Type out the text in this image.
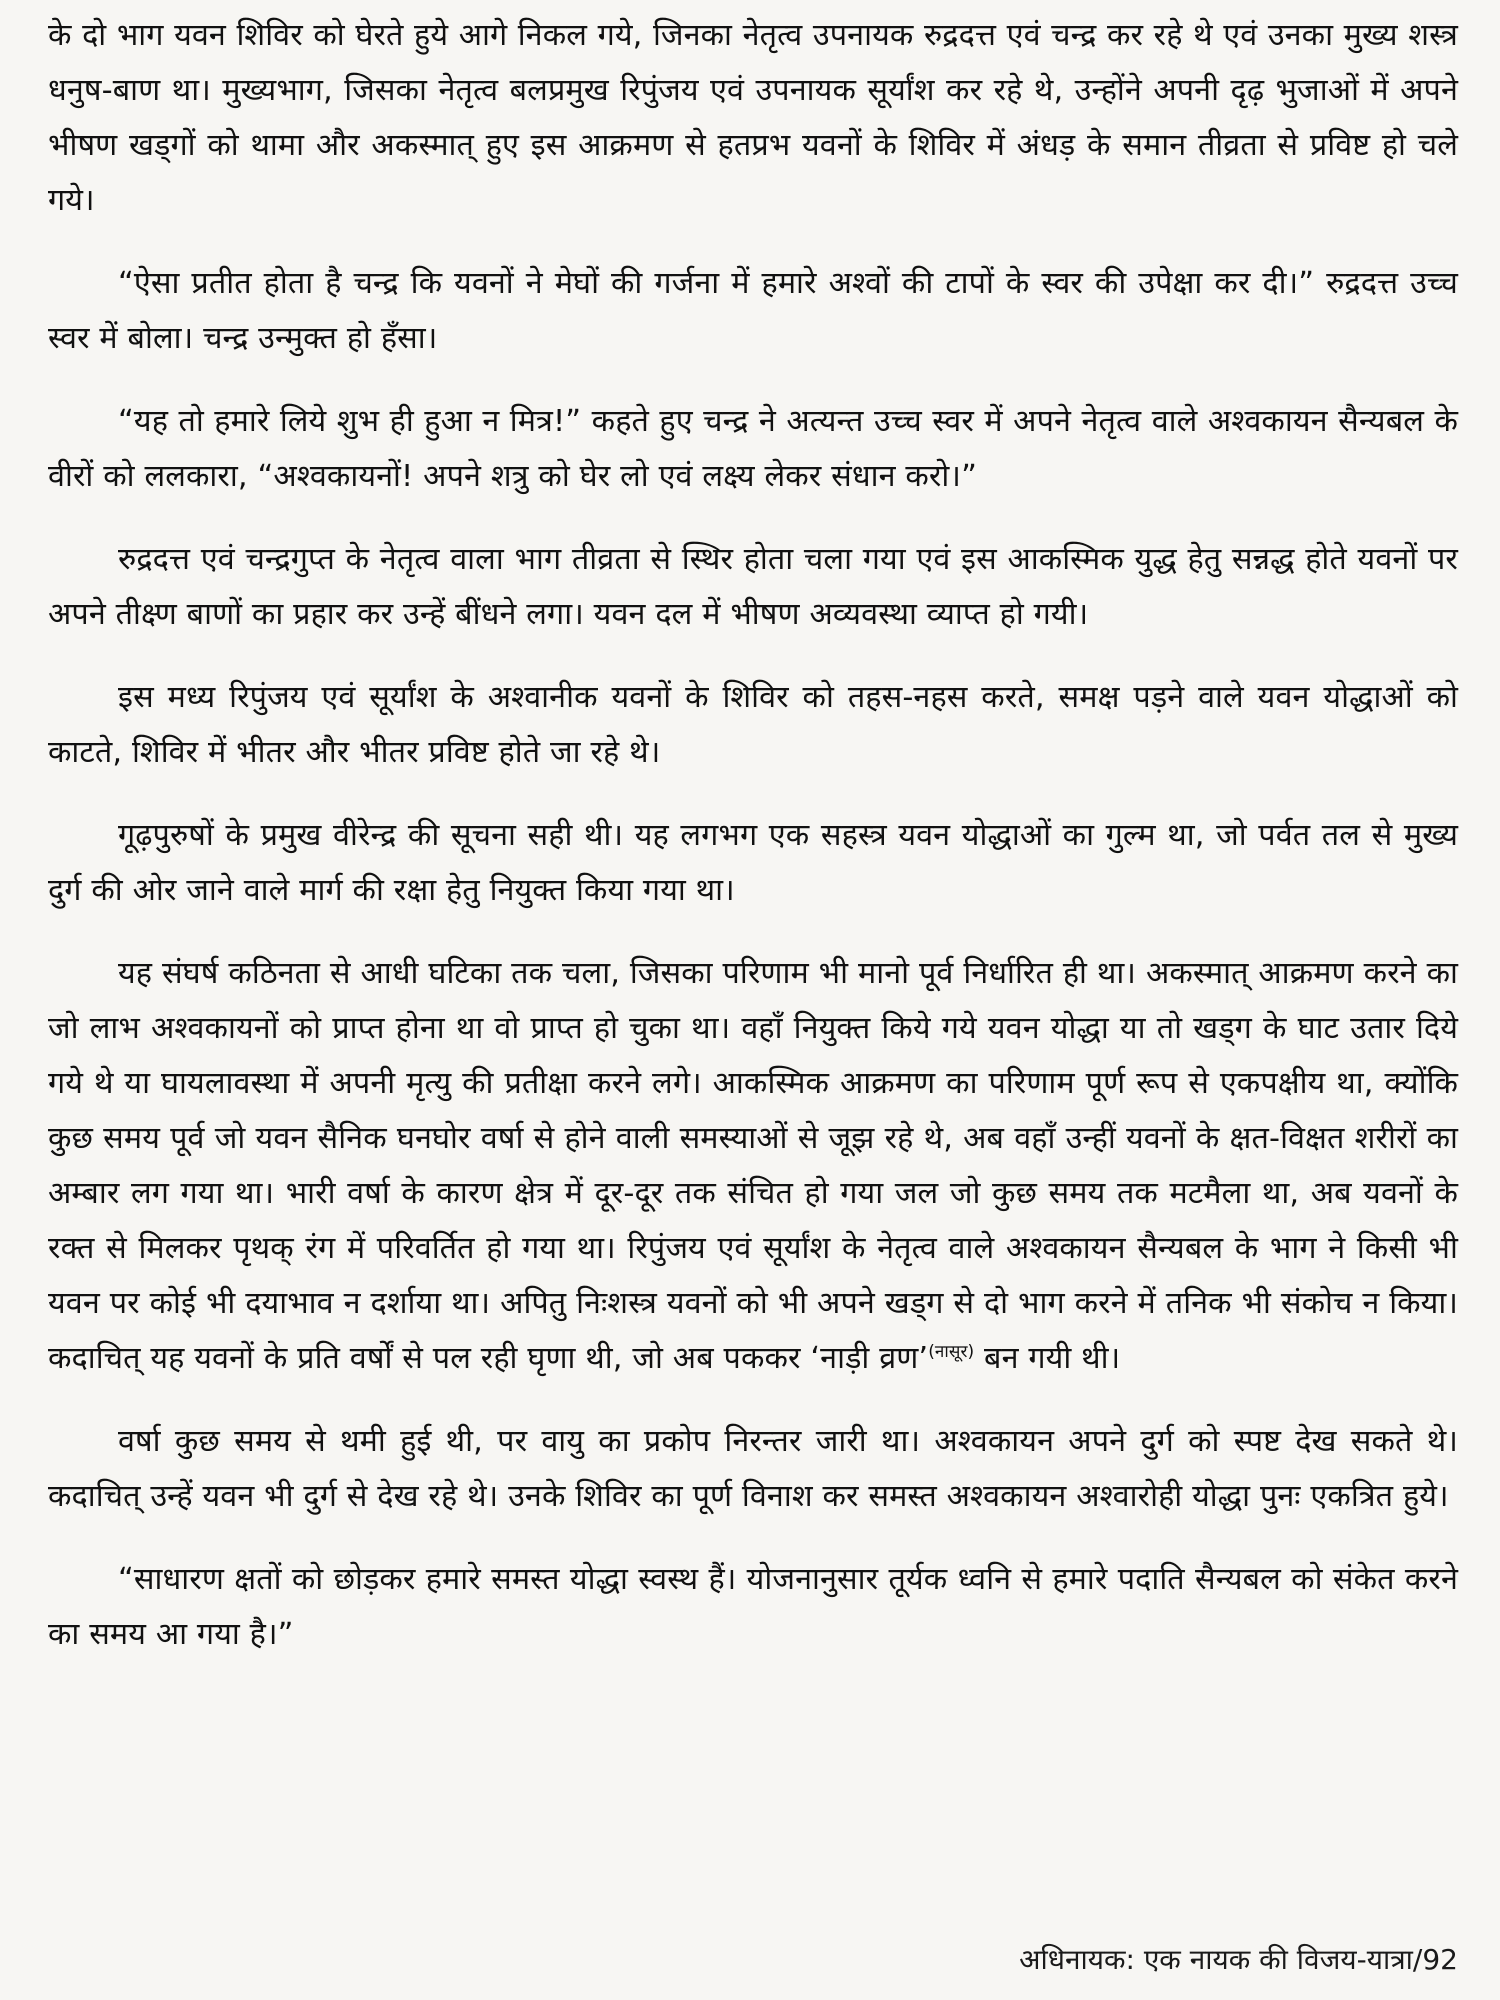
के दो भाग यवन शिविर को घेरते हुये आगे निकल गये, जिनका नेतृत्व उपनायक रुद्रदत्त एवं चन्द्र कर रहे थे एवं उनका मुख्य शस्त्र धनुष-बाण था। मुख्यभाग, जिसका नेतृत्व बलप्रमुख रिपुंजय एवं उपनायक सूर्यांश कर रहे थे, उन्होंने अपनी दृढ़ भुजाओं में अपने भीषण खड्गों को थामा और अकस्मात् हुए इस आक्रमण से हतप्रभ यवनों के शिविर में अंधड़ के समान तीव्रता से प्रविष्ट हो चले गये।

“ऐसा प्रतीत होता है चन्द्र कि यवनों ने मेघों की गर्जना में हमारे अश्वों की टापों के स्वर की उपेक्षा कर दी।” रुद्रदत्त उच्च स्वर में बोला। चन्द्र उन्मुक्त हो हँसा।

“यह तो हमारे लिये शुभ ही हुआ न मित्र!” कहते हुए चन्द्र ने अत्यन्त उच्च स्वर में अपने नेतृत्व वाले अश्वकायन सैन्यबल के वीरों को ललकारा, “अश्वकायनों! अपने शत्रु को घेर लो एवं लक्ष्य लेकर संधान करो।”

रुद्रदत्त एवं चन्द्रगुप्त के नेतृत्व वाला भाग तीव्रता से स्थिर होता चला गया एवं इस आकस्मिक युद्ध हेतु सन्नद्ध होते यवनों पर अपने तीक्ष्ण बाणों का प्रहार कर उन्हें बींधने लगा। यवन दल में भीषण अव्यवस्था व्याप्त हो गयी।

इस मध्य रिपुंजय एवं सूर्यांश के अश्वानीक यवनों के शिविर को तहस-नहस करते, समक्ष पड़ने वाले यवन योद्धाओं को काटते, शिविर में भीतर और भीतर प्रविष्ट होते जा रहे थे।

गूढ़पुरुषों के प्रमुख वीरेन्द्र की सूचना सही थी। यह लगभग एक सहस्त्र यवन योद्धाओं का गुल्म था, जो पर्वत तल से मुख्य दुर्ग की ओर जाने वाले मार्ग की रक्षा हेतु नियुक्त किया गया था।

यह संघर्ष कठिनता से आधी घटिका तक चला, जिसका परिणाम भी मानो पूर्व निर्धारित ही था। अकस्मात् आक्रमण करने का जो लाभ अश्वकायनों को प्राप्त होना था वो प्राप्त हो चुका था। वहाँ नियुक्त किये गये यवन योद्धा या तो खड्ग के घाट उतार दिये गये थे या घायलावस्था में अपनी मृत्यु की प्रतीक्षा करने लगे। आकस्मिक आक्रमण का परिणाम पूर्ण रूप से एकपक्षीय था, क्योंकि कुछ समय पूर्व जो यवन सैनिक घनघोर वर्षा से होने वाली समस्याओं से जूझ रहे थे, अब वहाँ उन्हीं यवनों के क्षत-विक्षत शरीरों का अम्बार लग गया था। भारी वर्षा के कारण क्षेत्र में दूर-दूर तक संचित हो गया जल जो कुछ समय तक मटमैला था, अब यवनों के रक्त से मिलकर पृथक् रंग में परिवर्तित हो गया था। रिपुंजय एवं सूर्यांश के नेतृत्व वाले अश्वकायन सैन्यबल के भाग ने किसी भी यवन पर कोई भी दयाभाव न दर्शाया था। अपितु निःशस्त्र यवनों को भी अपने खड्ग से दो भाग करने में तनिक भी संकोच न किया। कदाचित् यह यवनों के प्रति वर्षों से पल रही घृणा थी, जो अब पककर ‘नाड़ी व्रण’$^{(नासूर)}$ बन गयी थी।

वर्षा कुछ समय से थमी हुई थी, पर वायु का प्रकोप निरन्तर जारी था। अश्वकायन अपने दुर्ग को स्पष्ट देख सकते थे। कदाचित् उन्हें यवन भी दुर्ग से देख रहे थे। उनके शिविर का पूर्ण विनाश कर समस्त अश्वकायन अश्वारोही योद्धा पुनः एकत्रित हुये।

“साधारण क्षतों को छोड़कर हमारे समस्त योद्धा स्वस्थ हैं। योजनानुसार तूर्यक ध्वनि से हमारे पदाति सैन्यबल को संकेत करने का समय आ गया है।”

अधिनायक: एक नायक की विजय-यात्रा/92
